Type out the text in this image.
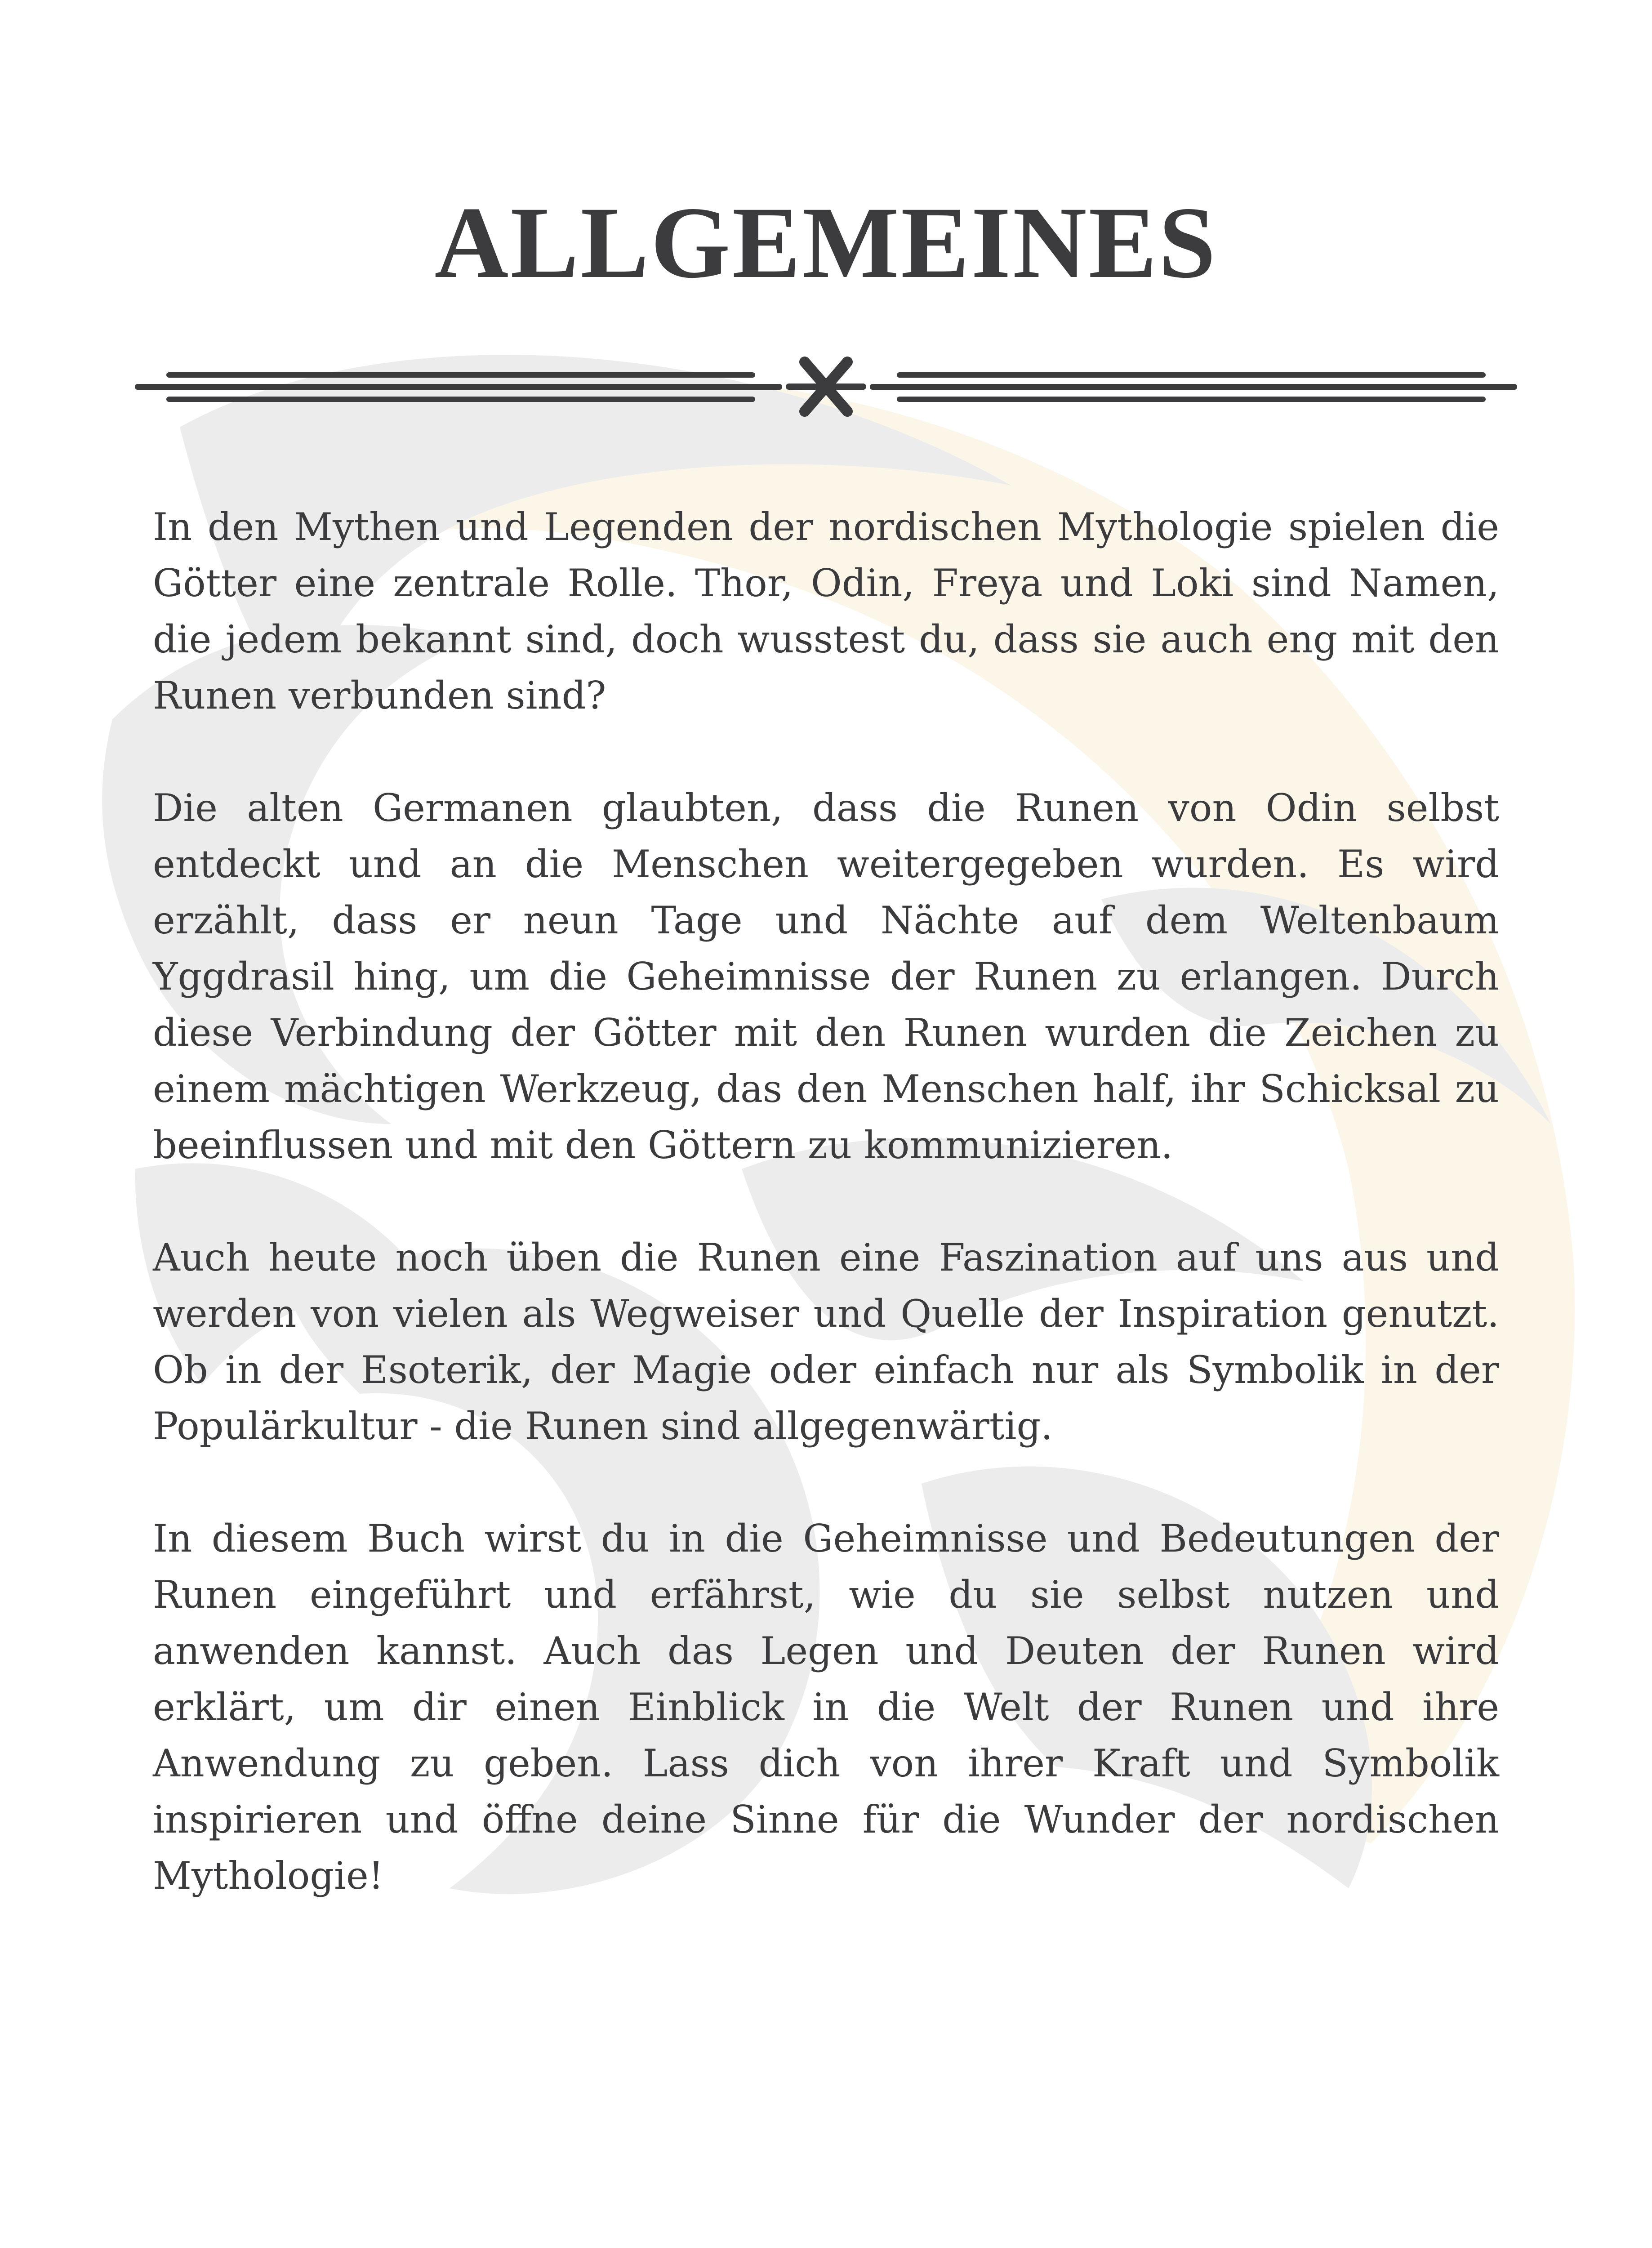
ALLGEMEINES

In den Mythen und Legenden der nordischen Mythologie spielen die Götter eine zentrale Rolle. Thor, Odin, Freya und Loki sind Namen, die jedem bekannt sind, doch wusstest du, dass sie auch eng mit den Runen verbunden sind?

Die alten Germanen glaubten, dass die Runen von Odin selbst entdeckt und an die Menschen weitergegeben wurden. Es wird erzählt, dass er neun Tage und Nächte auf dem Weltenbaum Yggdrasil hing, um die Geheimnisse der Runen zu erlangen. Durch diese Verbindung der Götter mit den Runen wurden die Zeichen zu einem mächtigen Werkzeug, das den Menschen half, ihr Schicksal zu beeinflussen und mit den Göttern zu kommunizieren.

Auch heute noch üben die Runen eine Faszination auf uns aus und werden von vielen als Wegweiser und Quelle der Inspiration genutzt. Ob in der Esoterik, der Magie oder einfach nur als Symbolik in der Populärkultur - die Runen sind allgegenwärtig.

In diesem Buch wirst du in die Geheimnisse und Bedeutungen der Runen eingeführt und erfährst, wie du sie selbst nutzen und anwenden kannst. Auch das Legen und Deuten der Runen wird erklärt, um dir einen Einblick in die Welt der Runen und ihre Anwendung zu geben. Lass dich von ihrer Kraft und Symbolik inspirieren und öffne deine Sinne für die Wunder der nordischen Mythologie!
